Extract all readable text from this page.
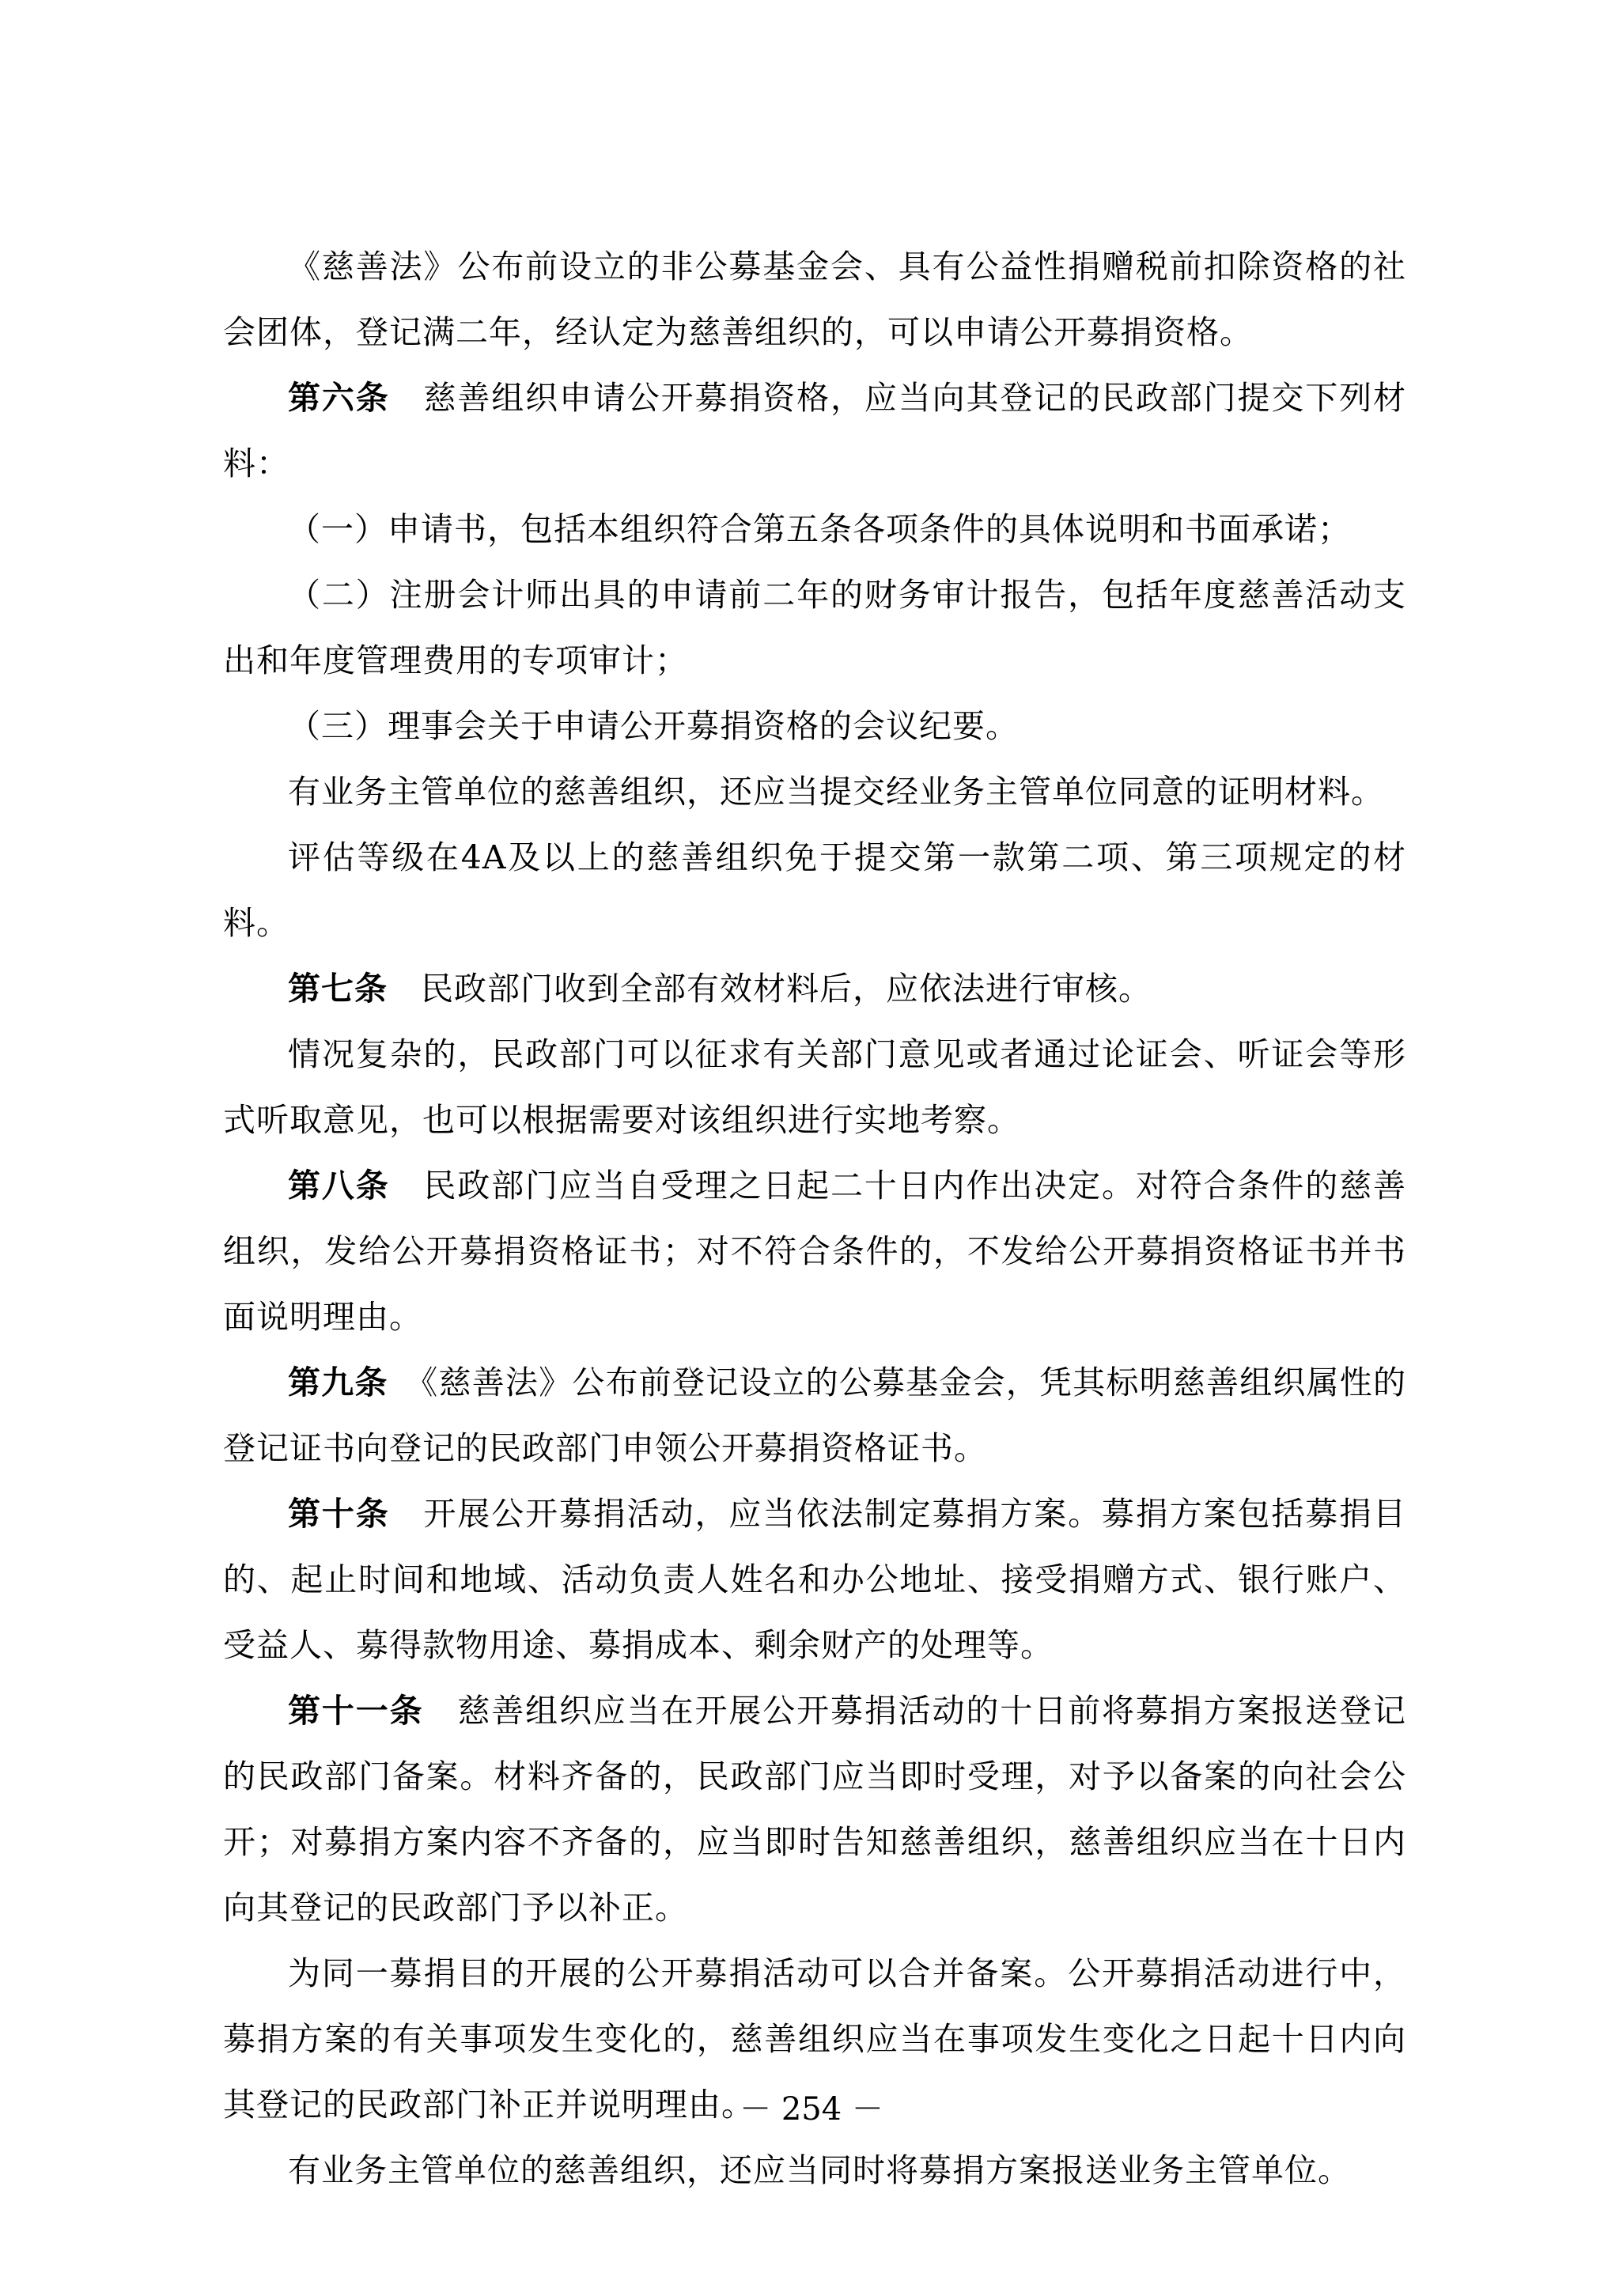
《慈善法》公布前设立的非公募基金会、具有公益性捐赠税前扣除资格的社会团体，登记满二年，经认定为慈善组织的，可以申请公开募捐资格。

第六条　 慈善组织申请公开募捐资格，应当向其登记的民政部门提交下列材料：

（一）申请书，包括本组织符合第五条各项条件的具体说明和书面承诺；

（二）注册会计师出具的申请前二年的财务审计报告，包括年度慈善活动支出和年度管理费用的专项审计；

（三）理事会关于申请公开募捐资格的会议纪要。

有业务主管单位的慈善组织，还应当提交经业务主管单位同意的证明材料。

评估等级在4A及以上的慈善组织免于提交第一款第二项、第三项规定的材料。

第七条　 民政部门收到全部有效材料后，应依法进行审核。

情况复杂的，民政部门可以征求有关部门意见或者通过论证会、听证会等形式听取意见，也可以根据需要对该组织进行实地考察。

第八条　 民政部门应当自受理之日起二十日内作出决定。对符合条件的慈善组织，发给公开募捐资格证书；对不符合条件的，不发给公开募捐资格证书并书面说明理由。

第九条　 《慈善法》公布前登记设立的公募基金会，凭其标明慈善组织属性的登记证书向登记的民政部门申领公开募捐资格证书。

第十条　 开展公开募捐活动，应当依法制定募捐方案。募捐方案包括募捐目的、起止时间和地域、活动负责人姓名和办公地址、接受捐赠方式、银行账户、受益人、募得款物用途、募捐成本、剩余财产的处理等。

第十一条　 慈善组织应当在开展公开募捐活动的十日前将募捐方案报送登记的民政部门备案。材料齐备的，民政部门应当即时受理，对予以备案的向社会公开；对募捐方案内容不齐备的，应当即时告知慈善组织，慈善组织应当在十日内向其登记的民政部门予以补正。

为同一募捐目的开展的公开募捐活动可以合并备案。公开募捐活动进行中，募捐方案的有关事项发生变化的，慈善组织应当在事项发生变化之日起十日内向其登记的民政部门补正并说明理由。

有业务主管单位的慈善组织，还应当同时将募捐方案报送业务主管单位。

－ 254 －
